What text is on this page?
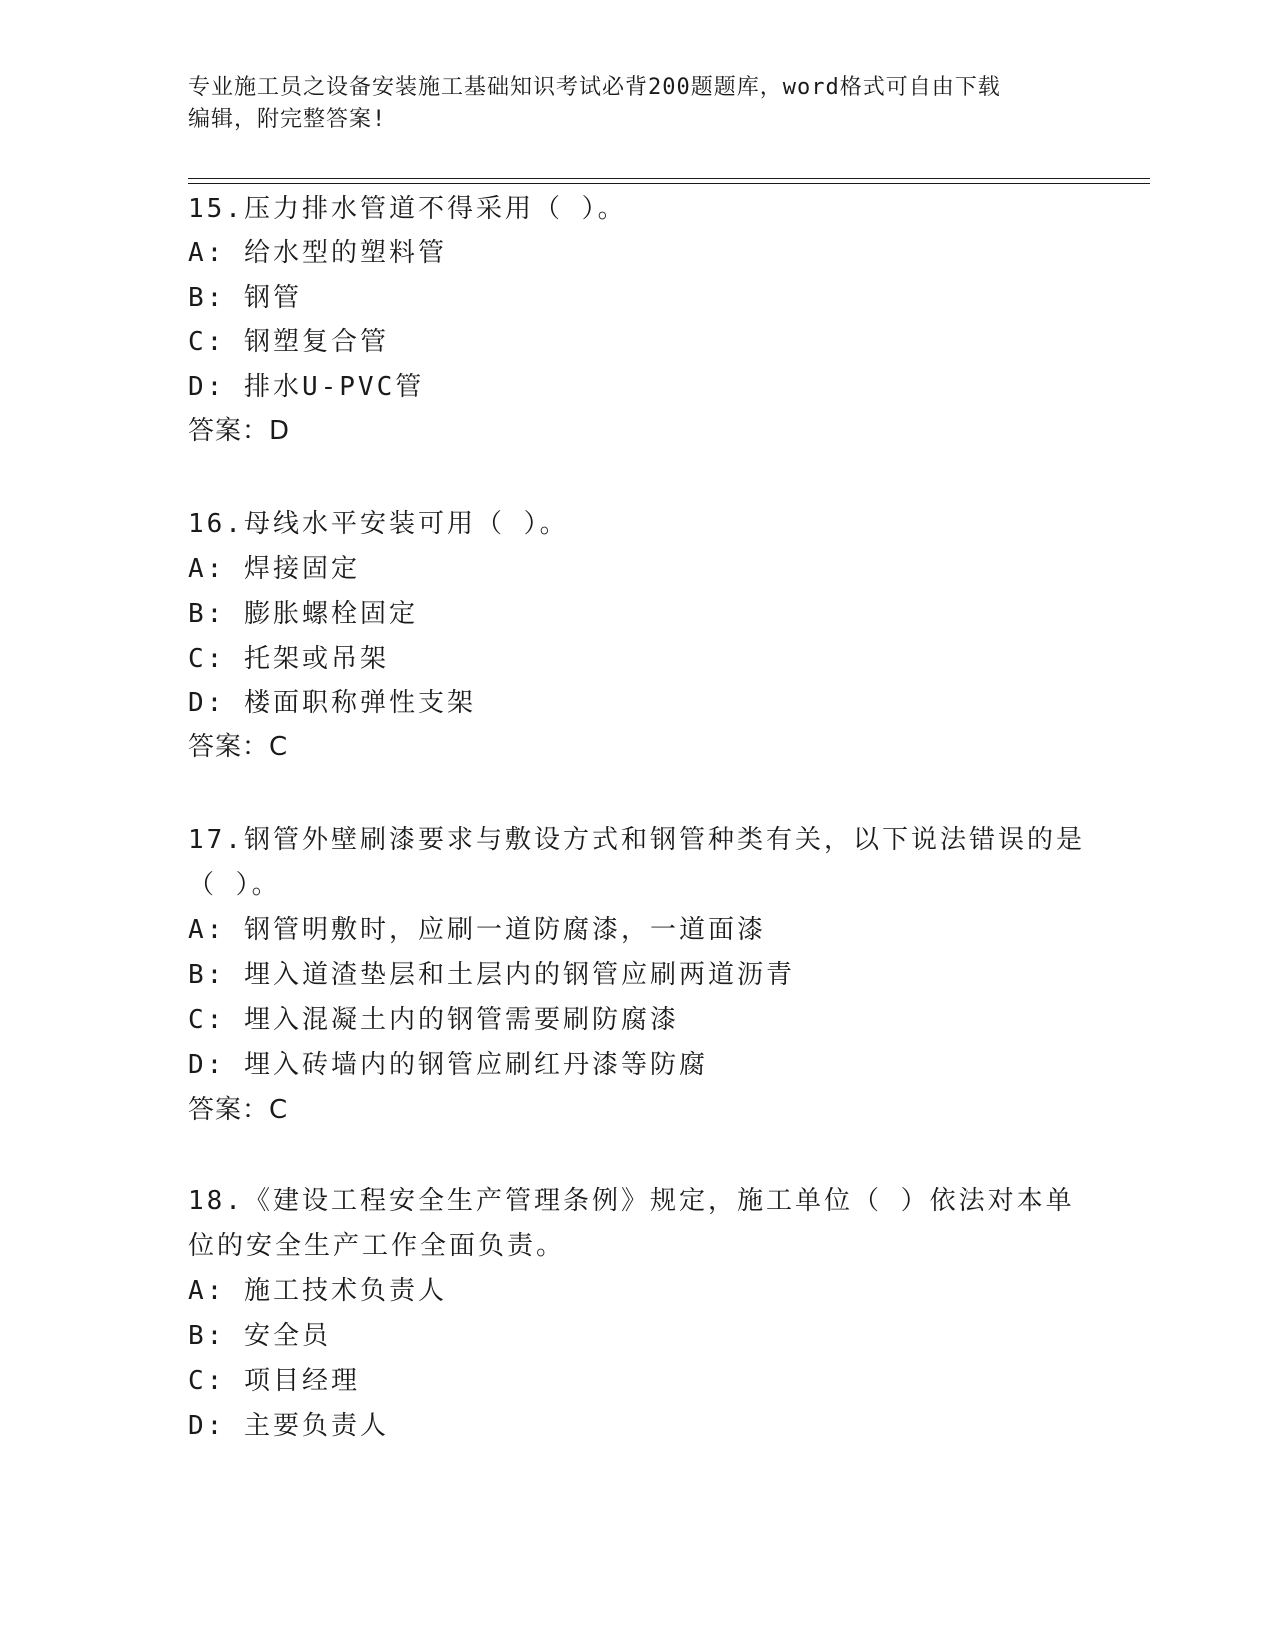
专业施工员之设备安装施工基础知识考试必背200题题库，word格式可自由下载
编辑，附完整答案!
15.压力排水管道不得采用（ ）。
A: 给水型的塑料管
B: 钢管
C: 钢塑复合管
D: 排水U-PVC管
答案：D
16.母线水平安装可用（ ）。
A: 焊接固定
B: 膨胀螺栓固定
C: 托架或吊架
D: 楼面职称弹性支架
答案：C
17.钢管外壁刷漆要求与敷设方式和钢管种类有关，以下说法错误的是
（ ）。
A: 钢管明敷时，应刷一道防腐漆，一道面漆
B: 埋入道渣垫层和土层内的钢管应刷两道沥青
C: 埋入混凝土内的钢管需要刷防腐漆
D: 埋入砖墙内的钢管应刷红丹漆等防腐
答案：C
18.《建设工程安全生产管理条例》规定，施工单位（ ）依法对本单
位的安全生产工作全面负责。
A: 施工技术负责人
B: 安全员
C: 项目经理
D: 主要负责人
